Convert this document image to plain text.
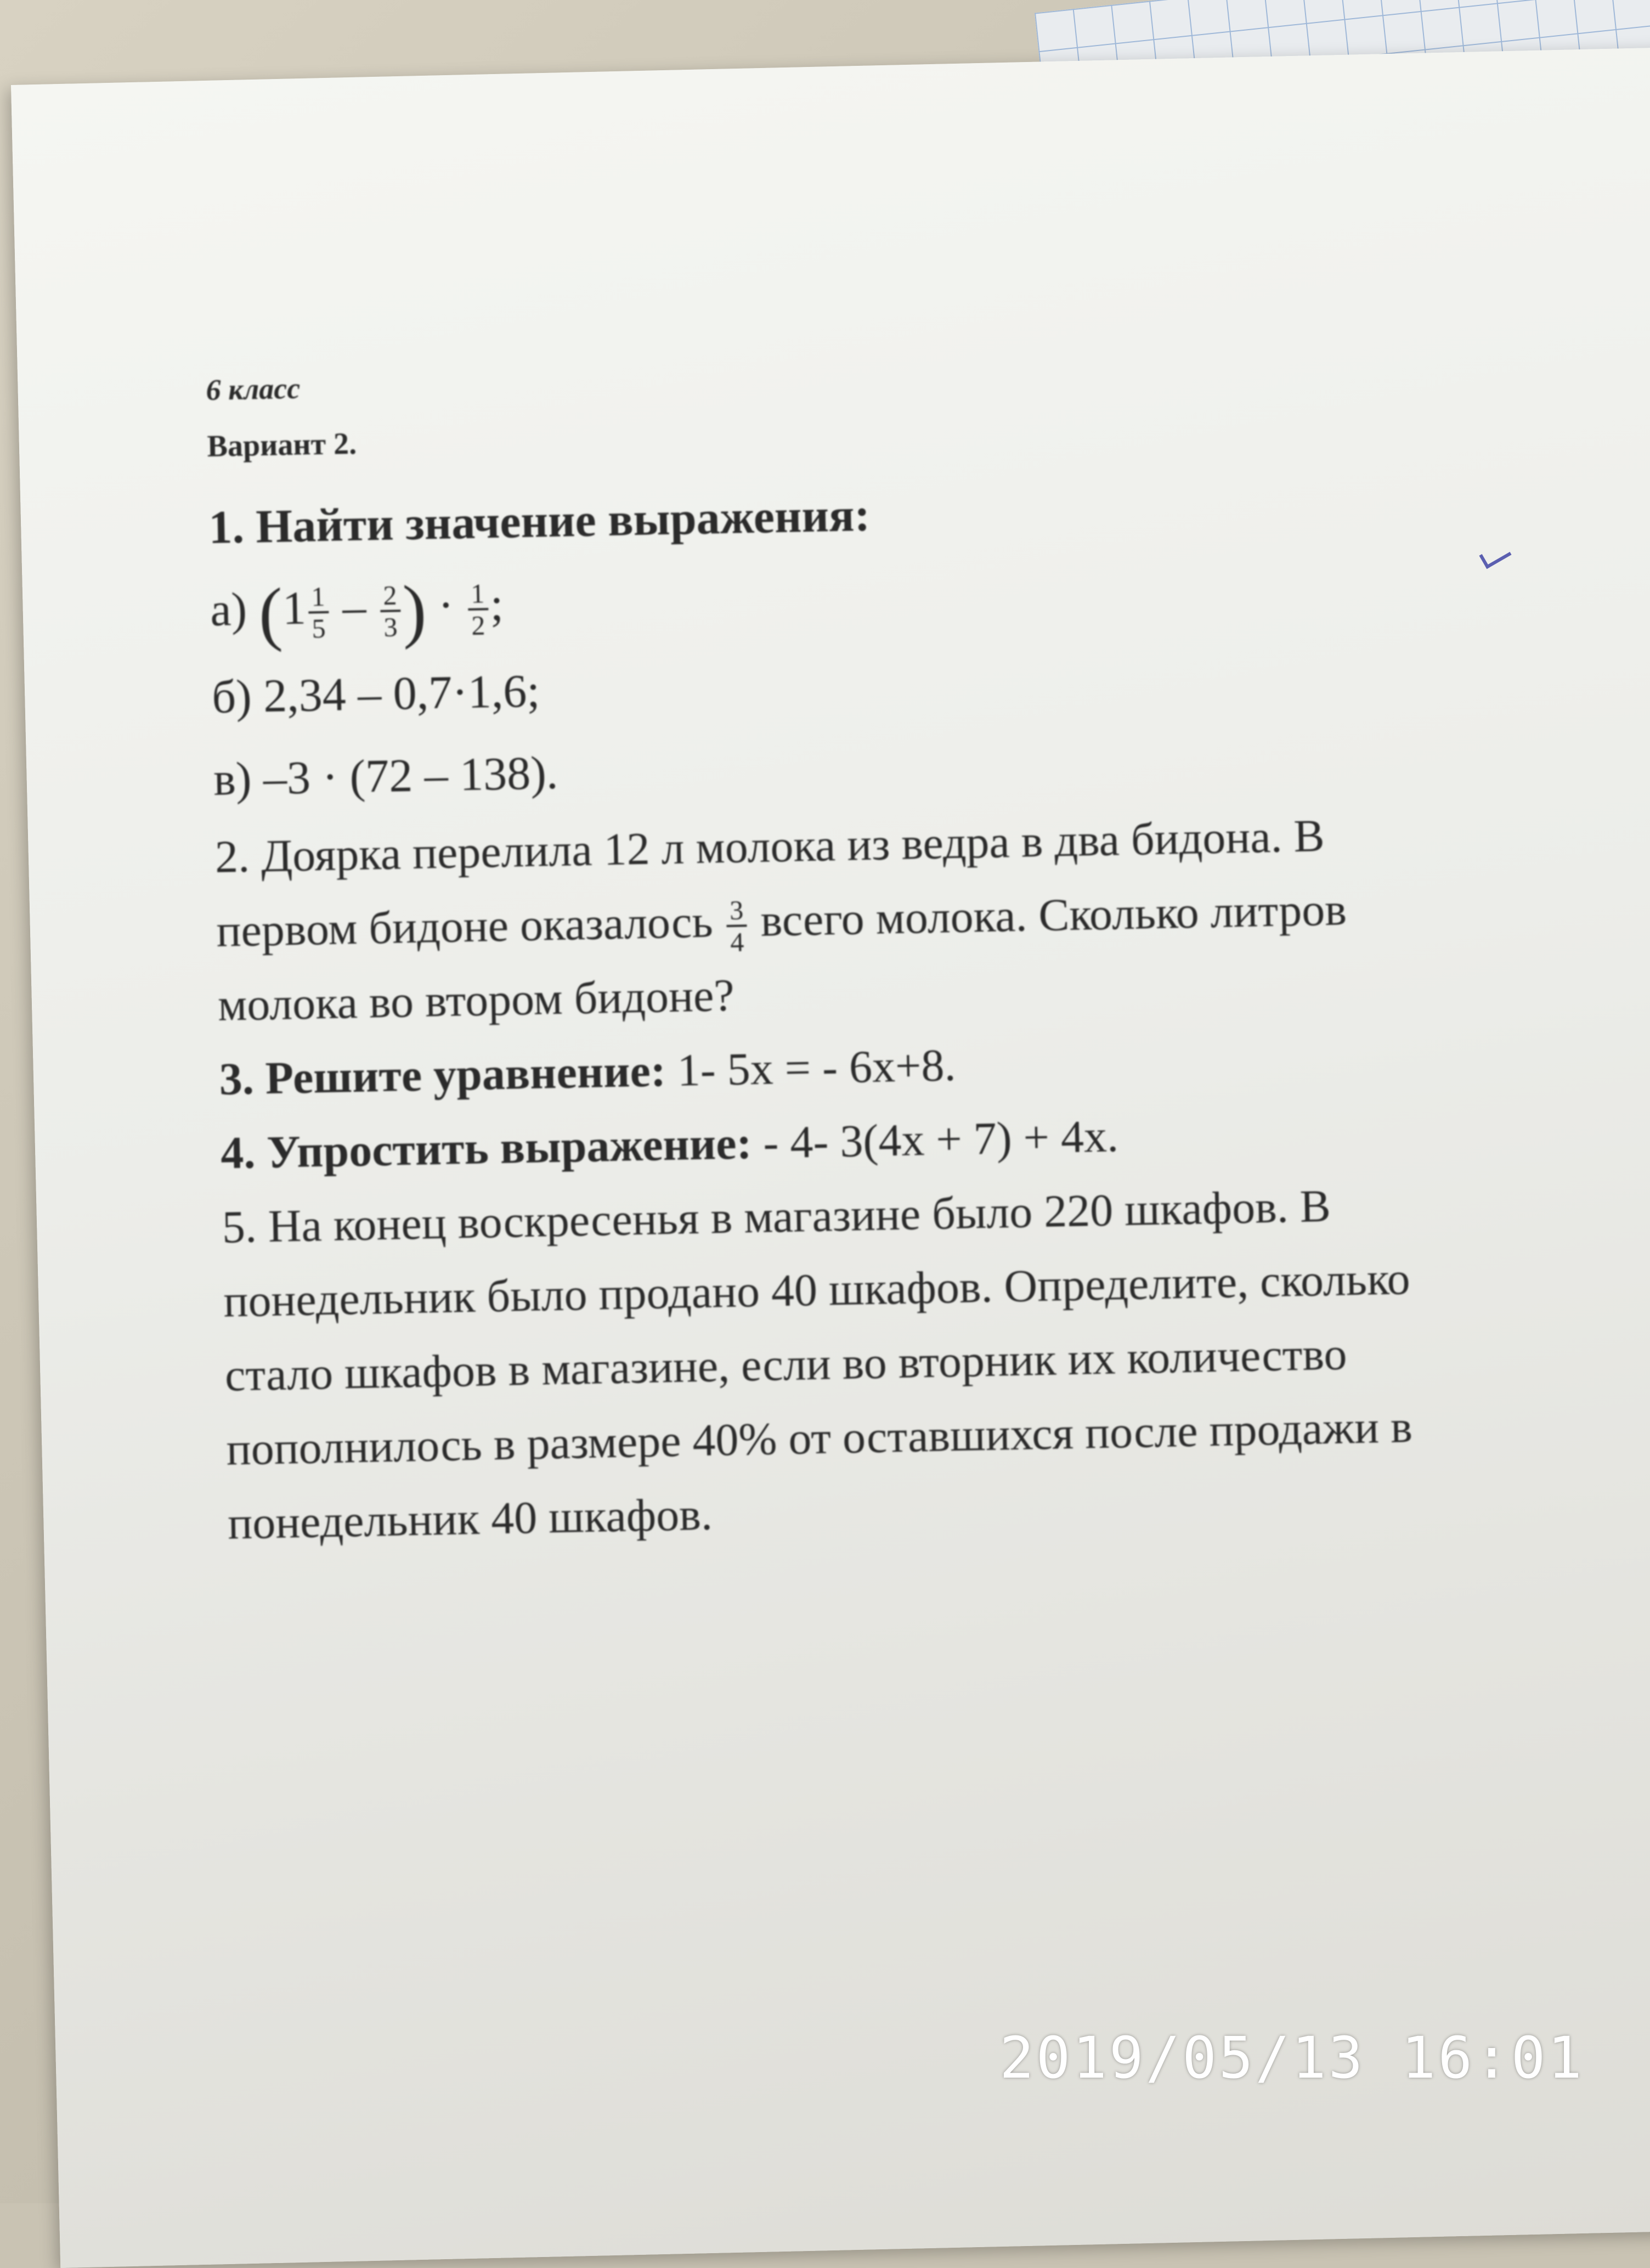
6 класс
Вариант 2.
1. Найти значение выражения:
а) ($1 \frac{1}{5} - \frac{2}{3}$ ) · $\frac{1}{2}$ ;
б) 2,34 – 0,7·1,6;
в) –3 · (72 – 138).
2. Доярка перелила 12 л молока из ведра в два бидона. В
первом бидоне оказалось $\frac{3}{4}$ всего молока. Сколько литров
молока во втором бидоне?
3. Решите уравнение: 1- 5x = - 6x+8.
4. Упростить выражение: - 4- 3(4x + 7) + 4x.
5. На конец воскресенья в магазине было 220 шкафов. В
понедельник было продано 40 шкафов. Определите, сколько
стало шкафов в магазине, если во вторник их количество
пополнилось в размере 40% от оставшихся после продажи в
понедельник 40 шкафов.
2019/05/13 16:01
